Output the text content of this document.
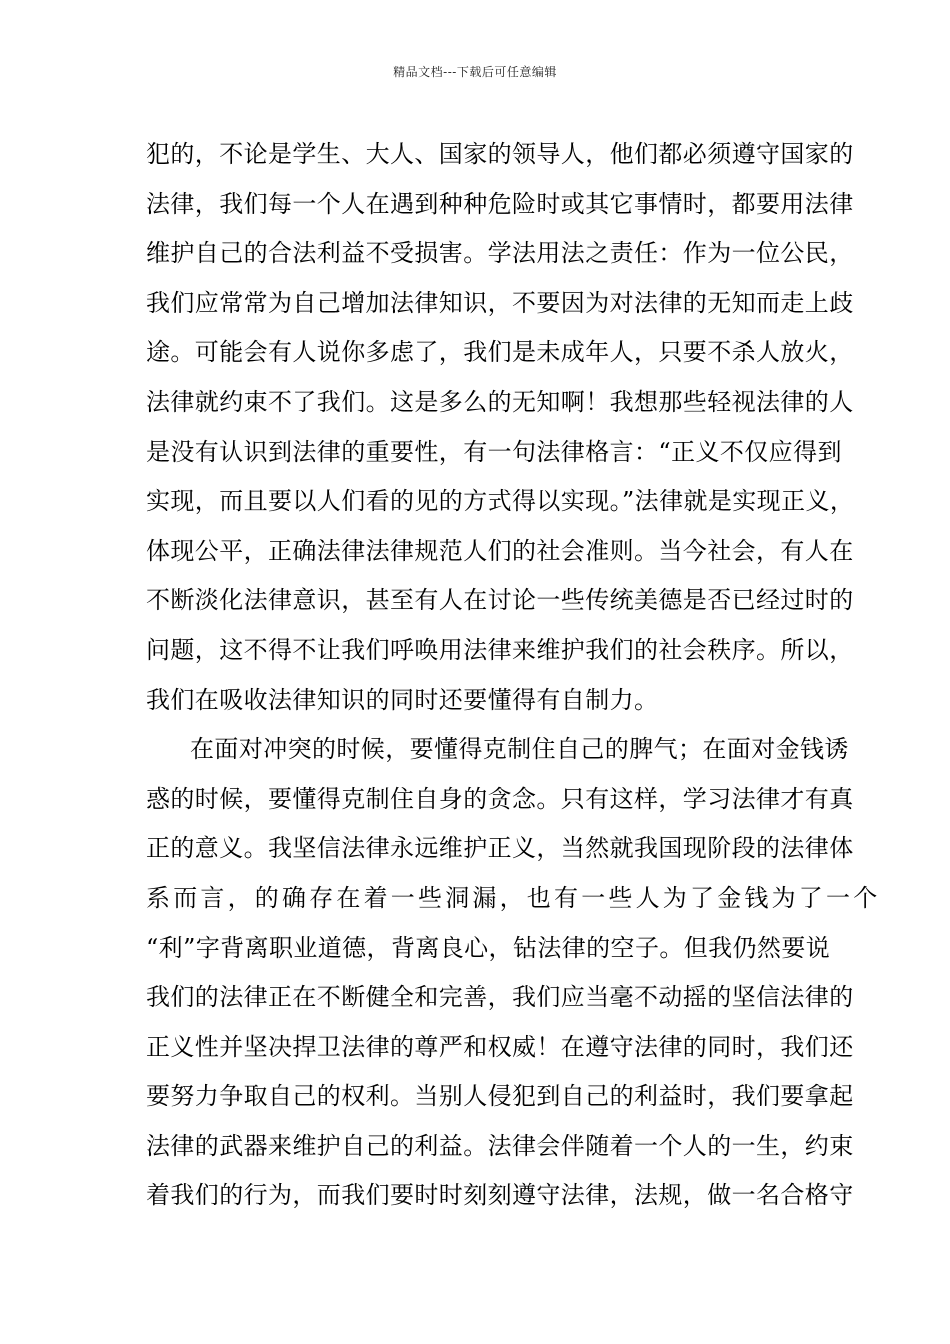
精品文档---下载后可任意编辑
犯的，不论是学生、大人、国家的领导人，他们都必须遵守国家的
法律，我们每一个人在遇到种种危险时或其它事情时，都要用法律
维护自己的合法利益不受损害。学法用法之责任：作为一位公民，
我们应常常为自己增加法律知识，不要因为对法律的无知而走上歧
途。可能会有人说你多虑了，我们是未成年人，只要不杀人放火，
法律就约束不了我们。这是多么的无知啊！我想那些轻视法律的人
是没有认识到法律的重要性，有一句法律格言：“正义不仅应得到
实现，而且要以人们看的见的方式得以实现。”法律就是实现正义，
体现公平，正确法律法律规范人们的社会准则。当今社会，有人在
不断淡化法律意识，甚至有人在讨论一些传统美德是否已经过时的
问题，这不得不让我们呼唤用法律来维护我们的社会秩序。所以，
我们在吸收法律知识的同时还要懂得有自制力。
在面对冲突的时候，要懂得克制住自己的脾气；在面对金钱诱
惑的时候，要懂得克制住自身的贪念。只有这样，学习法律才有真
正的意义。我坚信法律永远维护正义，当然就我国现阶段的法律体
系而言，的确存在着一些洞漏，也有一些人为了金钱为了一个
“利”字背离职业道德，背离良心，钻法律的空子。但我仍然要说
我们的法律正在不断健全和完善，我们应当毫不动摇的坚信法律的
正义性并坚决捍卫法律的尊严和权威！在遵守法律的同时，我们还
要努力争取自己的权利。当别人侵犯到自己的利益时，我们要拿起
法律的武器来维护自己的利益。法律会伴随着一个人的一生，约束
着我们的行为，而我们要时时刻刻遵守法律，法规，做一名合格守
